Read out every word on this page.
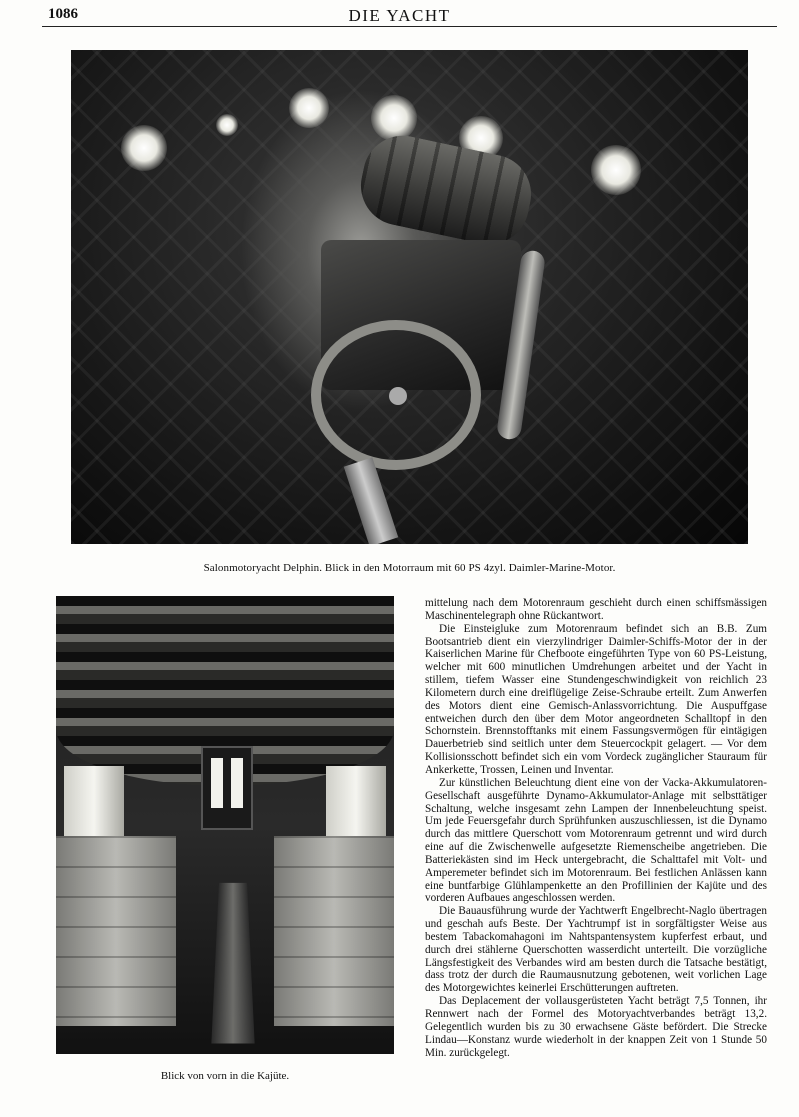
1086	DIE YACHT
Salonmotoryacht Delphin. Blick in den Motorraum mit 60 PS 4zyl. Daimler-Marine-Motor.
Blick von vorn in die Kajüte.

mittelung nach dem Motorenraum geschieht durch einen schiffsmässigen Maschinentelegraph ohne Rückantwort.

Die Einsteigluke zum Motorenraum befindet sich an B.B. Zum Bootsantrieb dient ein vierzylindriger Daimler-Schiffs-Motor der in der Kaiserlichen Marine für Chefboote eingeführten Type von 60 PS-Leistung, welcher mit 600 minutlichen Umdrehungen arbeitet und der Yacht in stillem, tiefem Wasser eine Stundengeschwindigkeit von reichlich 23 Kilometern durch eine dreiflügelige Zeise-Schraube erteilt. Zum Anwerfen des Motors dient eine Gemisch-Anlassvorrichtung. Die Auspuffgase entweichen durch den über dem Motor angeordneten Schalltopf in den Schornstein. Brennstofftanks mit einem Fassungsvermögen für eintägigen Dauerbetrieb sind seitlich unter dem Steuercockpit gelagert. — Vor dem Kollisionsschott befindet sich ein vom Vordeck zugänglicher Stauraum für Ankerkette, Trossen, Leinen und Inventar.

Zur künstlichen Beleuchtung dient eine von der Vacka-Akkumulatoren-Gesellschaft ausgeführte Dynamo-Akkumulator-Anlage mit selbsttätiger Schaltung, welche insgesamt zehn Lampen der Innenbeleuchtung speist. Um jede Feuersgefahr durch Sprühfunken auszuschliessen, ist die Dynamo durch das mittlere Querschott vom Motorenraum getrennt und wird durch eine auf die Zwischenwelle aufgesetzte Riemenscheibe angetrieben. Die Batteriekästen sind im Heck untergebracht, die Schalttafel mit Volt- und Amperemeter befindet sich im Motorenraum. Bei festlichen Anlässen kann eine buntfarbige Glühlampenkette an den Profillinien der Kajüte und des vorderen Aufbaues angeschlossen werden.

Die Bauausführung wurde der Yachtwerft Engelbrecht-Naglo übertragen und geschah aufs Beste. Der Yachtrumpf ist in sorgfältigster Weise aus bestem Tabackomahagoni im Nahtspantensystem kupferfest erbaut, und durch drei stählerne Querschotten wasserdicht unterteilt. Die vorzügliche Längsfestigkeit des Verbandes wird am besten durch die Tatsache bestätigt, dass trotz der durch die Raumausnutzung gebotenen, weit vorlichen Lage des Motorgewichtes keinerlei Erschütterungen auftreten.

Das Deplacement der vollausgerüsteten Yacht beträgt 7,5 Tonnen, ihr Rennwert nach der Formel des Motoryachtverbandes beträgt 13,2. Gelegentlich wurden bis zu 30 erwachsene Gäste befördert. Die Strecke Lindau—Konstanz wurde wiederholt in der knappen Zeit von 1 Stunde 50 Min. zurückgelegt.
